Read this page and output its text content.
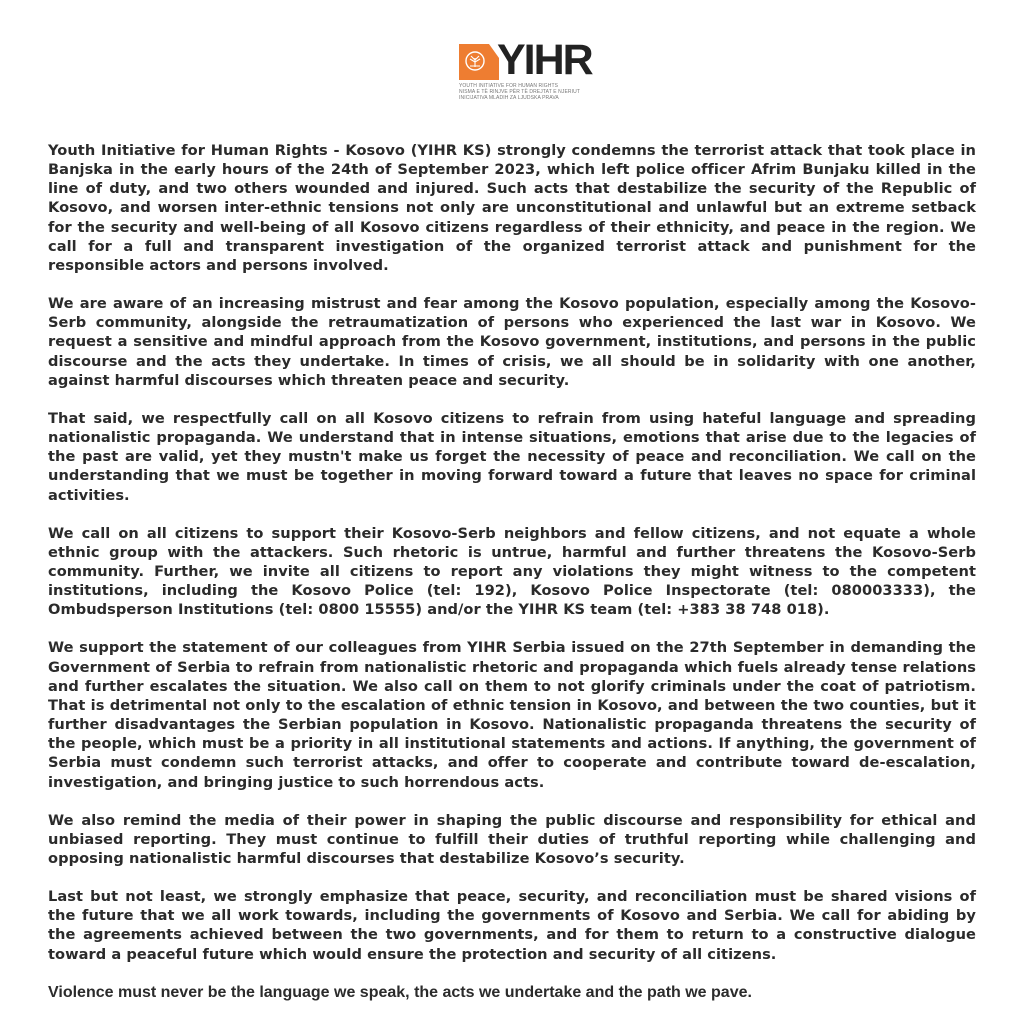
YIHR
YOUTH INITIATIVE FOR HUMAN RIGHTS
NISMA E TË RINJVE PËR TË DREJTAT E NJERIUT
INICIJATIVA MLADIH ZA LJUDSKA PRAVA

Youth Initiative for Human Rights - Kosovo (YIHR KS) strongly condemns the terrorist attack that took place in Banjska in the early hours of the 24th of September 2023, which left police officer Afrim Bunjaku killed in the line of duty, and two others wounded and injured. Such acts that destabilize the security of the Republic of Kosovo, and worsen inter-ethnic tensions not only are unconstitutional and unlawful but an extreme setback for the security and well-being of all Kosovo citizens regardless of their ethnicity, and peace in the region. We call for a full and transparent investigation of the organized terrorist attack and punishment for the responsible actors and persons involved.

We are aware of an increasing mistrust and fear among the Kosovo population, especially among the Kosovo-Serb community, alongside the retraumatization of persons who experienced the last war in Kosovo. We request a sensitive and mindful approach from the Kosovo government, institutions, and persons in the public discourse and the acts they undertake. In times of crisis, we all should be in solidarity with one another, against harmful discourses which threaten peace and security.

That said, we respectfully call on all Kosovo citizens to refrain from using hateful language and spreading nationalistic propaganda. We understand that in intense situations, emotions that arise due to the legacies of the past are valid, yet they mustn't make us forget the necessity of peace and reconciliation. We call on the understanding that we must be together in moving forward toward a future that leaves no space for criminal activities.

We call on all citizens to support their Kosovo-Serb neighbors and fellow citizens, and not equate a whole ethnic group with the attackers. Such rhetoric is untrue, harmful and further threatens the Kosovo-Serb community. Further, we invite all citizens to report any violations they might witness to the competent institutions, including the Kosovo Police (tel: 192), Kosovo Police Inspectorate (tel: 080003333), the Ombudsperson Institutions (tel: 0800 15555) and/or the YIHR KS team (tel: +383 38 748 018).

We support the statement of our colleagues from YIHR Serbia issued on the 27th September in demanding the Government of Serbia to refrain from nationalistic rhetoric and propaganda which fuels already tense relations and further escalates the situation. We also call on them to not glorify criminals under the coat of patriotism. That is detrimental not only to the escalation of ethnic tension in Kosovo, and between the two counties, but it further disadvantages the Serbian population in Kosovo. Nationalistic propaganda threatens the security of the people, which must be a priority in all institutional statements and actions. If anything, the government of Serbia must condemn such terrorist attacks, and offer to cooperate and contribute toward de-escalation, investigation, and bringing justice to such horrendous acts.

We also remind the media of their power in shaping the public discourse and responsibility for ethical and unbiased reporting. They must continue to fulfill their duties of truthful reporting while challenging and opposing nationalistic harmful discourses that destabilize Kosovo’s security.

Last but not least, we strongly emphasize that peace, security, and reconciliation must be shared visions of the future that we all work towards, including the governments of Kosovo and Serbia. We call for abiding by the agreements achieved between the two governments, and for them to return to a constructive dialogue toward a peaceful future which would ensure the protection and security of all citizens.

Violence must never be the language we speak, the acts we undertake and the path we pave.
